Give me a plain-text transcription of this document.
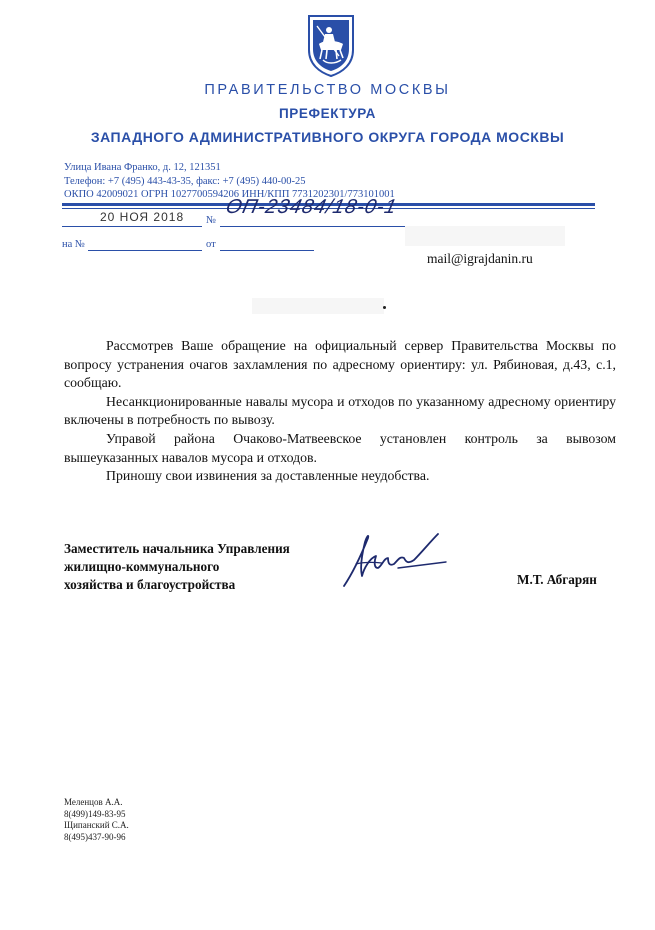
ПРАВИТЕЛЬСТВО МОСКВЫ
ПРЕФЕКТУРА
ЗАПАДНОГО АДМИНИСТРАТИВНОГО ОКРУГА ГОРОДА МОСКВЫ
Улица Ивана Франко, д. 12, 121351
Телефон: +7 (495) 443-43-35, факс: +7 (495) 440-00-25
ОКПО 42009021 ОГРН 1027700594206 ИНН/КПП 7731202301/773101001
20 НОЯ 2018 №
ОП-23484/18-0-1
на №	от
mail@igrajdanin.ru

Рассмотрев Ваше обращение на официальный сервер Правительства Москвы по вопросу устранения очагов захламления по адресному ориентиру: ул. Рябиновая, д.43, с.1, сообщаю.

Несанкционированные навалы мусора и отходов по указанному адресному ориентиру включены в потребность по вывозу.

Управой района Очаково-Матвеевское установлен контроль за вывозом вышеуказанных навалов мусора и отходов.

Приношу свои извинения за доставленные неудобства.

Заместитель начальника Управления
жилищно-коммунального
хозяйства и благоустройства	М.Т. Абгарян
Меленцов А.А.
8(499)149-83-95
Щипанский С.А.
8(495)437-90-96
